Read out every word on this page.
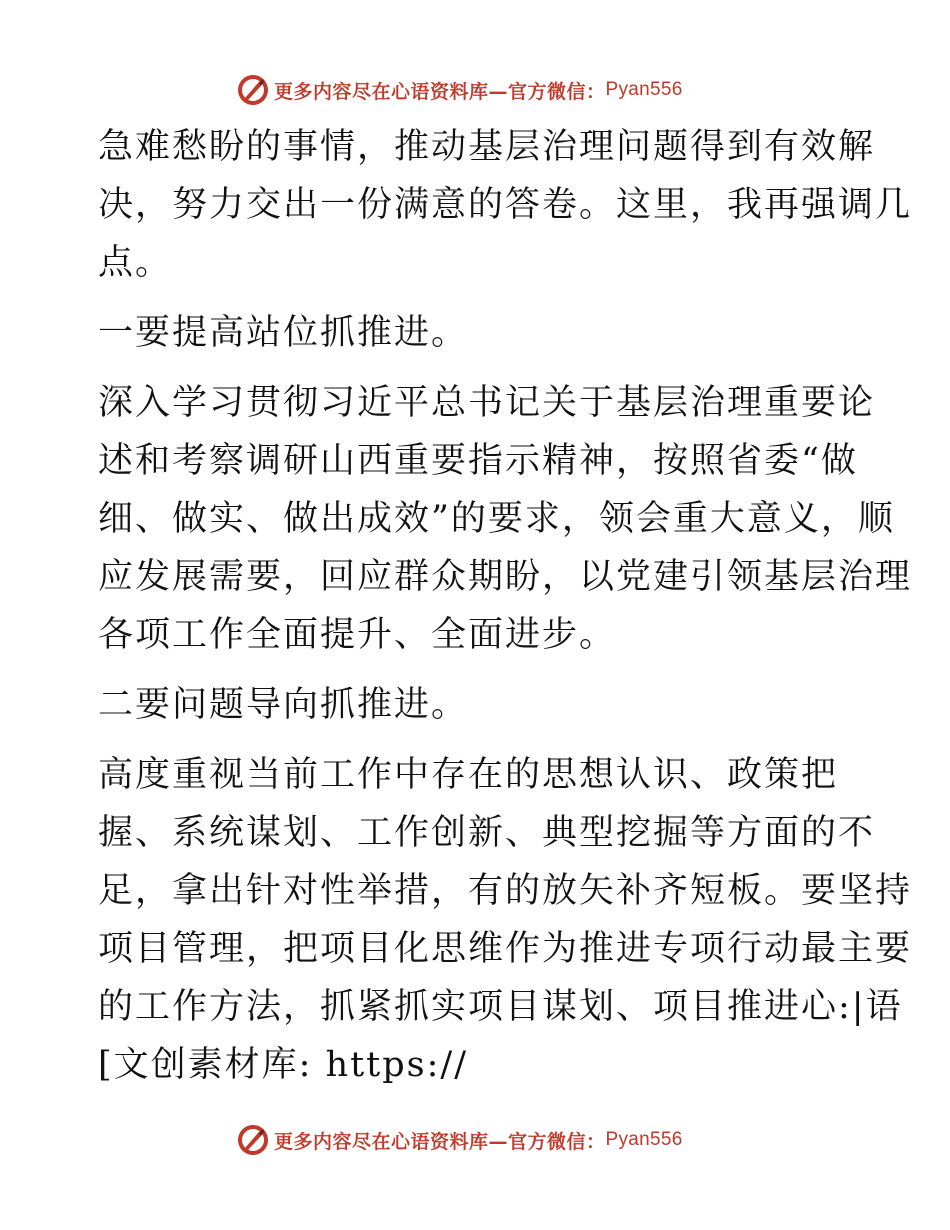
更多内容尽在心语资料库—官方微信： Pyan556
急难愁盼的事情，推动基层治理问题得到有效解
决，努力交出一份满意的答卷。这里，我再强调几
点。
一要提高站位抓推进。
深入学习贯彻习近平总书记关于基层治理重要论
述和考察调研山西重要指示精神，按照省委“做
细、做实、做出成效”的要求，领会重大意义，顺
应发展需要，回应群众期盼，以党建引领基层治理
各项工作全面提升、全面进步。
二要问题导向抓推进。
高度重视当前工作中存在的思想认识、政策把
握、系统谋划、工作创新、典型挖掘等方面的不
足，拿出针对性举措，有的放矢补齐短板。要坚持
项目管理，把项目化思维作为推进专项行动最主要
的工作方法，抓紧抓实项目谋划、项目推进心:|语
[文创素材库: https://
更多内容尽在心语资料库—官方微信： Pyan556
